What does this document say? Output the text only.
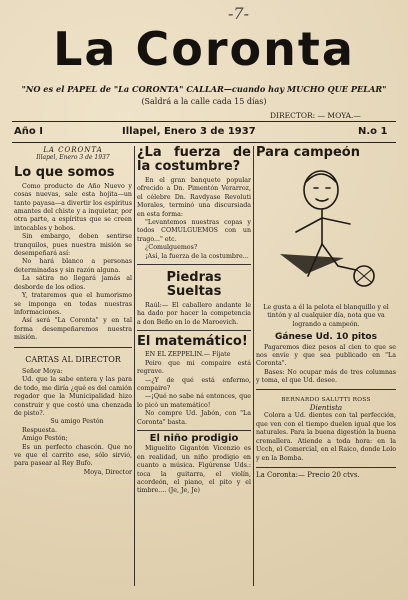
-7-
La Coronta
"NO es el PAPEL de "La CORONTA" CALLAR—cuando hay MUCHO QUE PELAR"
(Saldrá a la calle cada 15 días)
DIRECTOR: — MOYA.—
Año I	Illapel, Enero 3 de 1937	N.o 1
LA CORONTA
Illapel, Enero 3 de 1937
Lo que somos

Como producto de Año Nuevo y cosas nuevas, sale esta hojita—un tanto payasa—a divertir los espíritus amantes del chiste y a inquietar, por otra parte, a espíritus que se creen intocables y bobos.

Sin embargo, deben sentirse tranquilos, pues nuestra misión se desempeñará así:

No hará blanco a personas determinadas y sin razón alguna.

La sátira no llegará jamás al desborde de los odios.

Y, trataremos que el humorismo se imponga en todas nuestras informaciones.

Así será "La Coronta" y en tal forma desempeñaremos nuestra misión.

CARTAS AL DIRECTOR

Señor Moya:

Ud. que la sabe entera y las para de todo, me diría ¿qué es del camión regador que la Municipalidad hizo construir y que costó una chenzada de pisto?.

Su amigo Pestón

Respuesta.

Amigo Pestón;

Es un perfecto chascón. Que no ve que el carrito ese, sólo sirvió, para pasear al Rey Bufo.

Moya, Director

¿La fuerza de la costumbre?

En el gran banquete popular ofrecido a Dn. Pimentón Verarroz, el célebre Dn. Ravdyase Revoluti Morales, terminó una discursiada en esta forma:

"Levantemos nuestras copas y todos COMULGUEMOS con un trago..." etc.

¿Comulguemos?

¡Así, la fuerza de la costumbre...

Piedras Sueltas

Raúl:— El caballero andante le ha dado por hacer la competencia a don Beño en lo de Maroevich.

El matemático!

EN EL ZEPPELIN.— Fíjate

Peiro que mi compaire está regrave.

—¿Y de qué está enfermo, compaire?

—¡Qué no sabe ná entonces, que lo picó un matemático!

No compre Ud. Jabón, con "La Coronta" basta.

El niño prodigio

Miguelito Gigantón Vicenzio es en realidad, un niño prodigio en cuanto a música. Figúrense Uds.: toca la guitarra, el violín, acordeón, el piano, el pito y el timbre.... (Je, Je, Je)

Para campeón

Le gusta a él la pelota el blanquillo y el tintón y al cualquier día, nota que va logrando a campeón.

Gánese Ud. 10 pitos

Pagaremos diez pesos al cien to que se nos envíe y que sea publicado en "La Coronta".

Bases: No ocupar más de tres columnas y toma, el que Ud. desee.

BERNARDO SALUTTI ROSS
Dientista

Colora a Ud. dientes con tal perfección, que ven con el tiempo duelen igual que los naturales. Para la buena digestión la buena cremallera. Atiende a toda hora: en la Ucch, el Comercial, en el Raico, donde Lolo y en la Bomba.

La Coronta:— Precio 20 ctvs.
